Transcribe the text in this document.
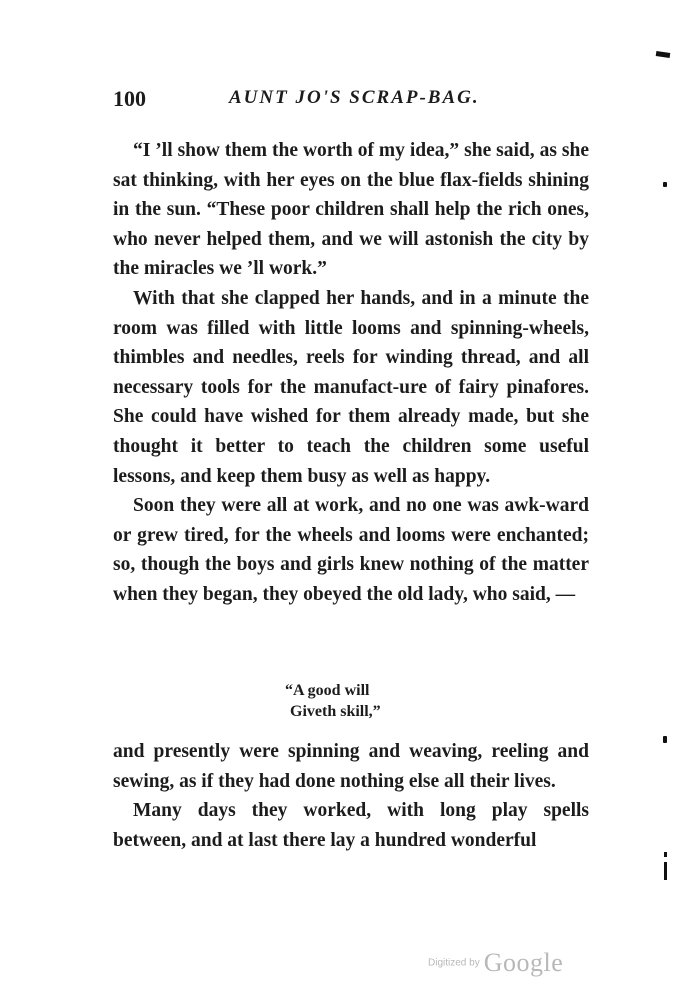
100	AUNT JO'S SCRAP-BAG.

“I ’ll show them the worth of my idea,” she said, as she sat thinking, with her eyes on the blue flax-fields shining in the sun. “These poor children shall help the rich ones, who never helped them, and we will astonish the city by the miracles we ’ll work.”

With that she clapped her hands, and in a minute the room was filled with little looms and spinning-wheels, thimbles and needles, reels for winding thread, and all necessary tools for the manufact-ure of fairy pinafores. She could have wished for them already made, but she thought it better to teach the children some useful lessons, and keep them busy as well as happy.

Soon they were all at work, and no one was awk-ward or grew tired, for the wheels and looms were enchanted; so, though the boys and girls knew nothing of the matter when they began, they obeyed the old lady, who said, —

“A good will
Giveth skill,”

and presently were spinning and weaving, reeling and sewing, as if they had done nothing else all their lives.

Many days they worked, with long play spells between, and at last there lay a hundred wonderful

Digitized by Google
